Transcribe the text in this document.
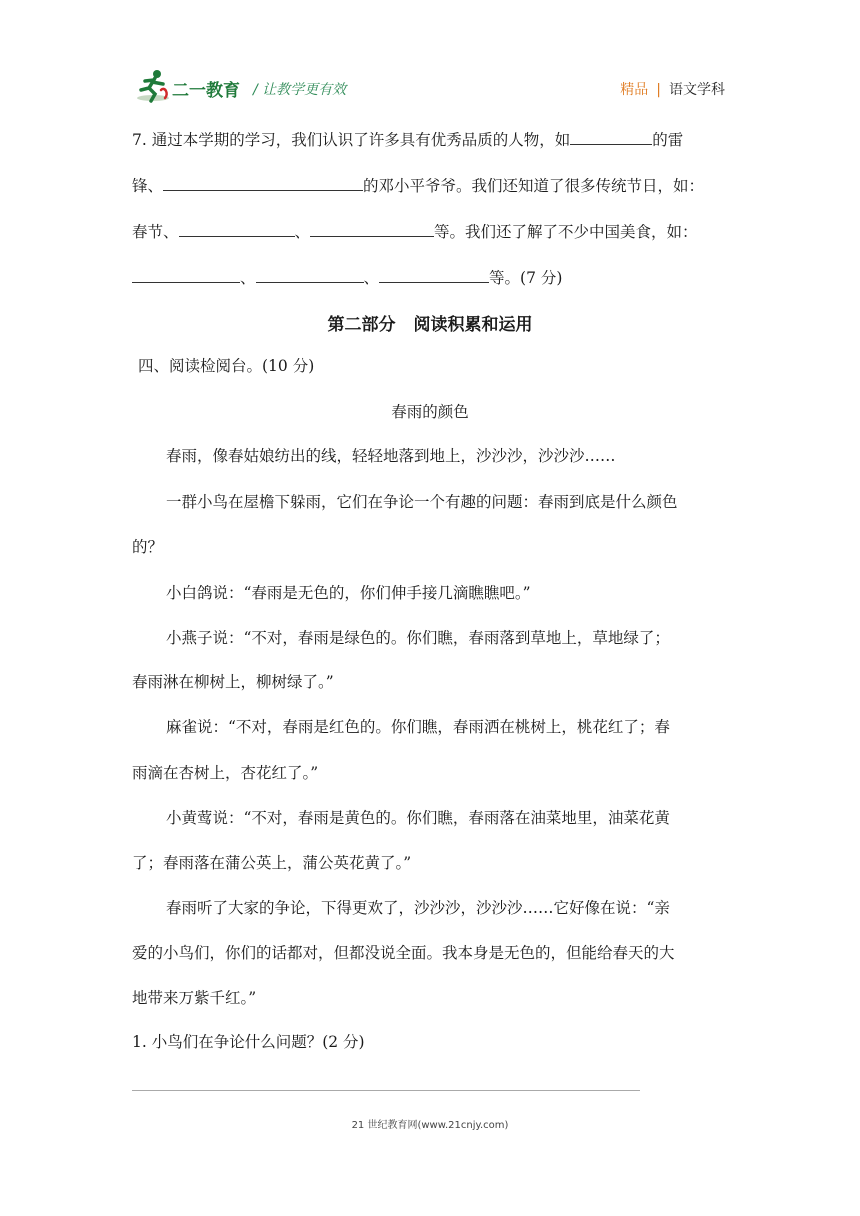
二一教育 / 让教学更有效	精品 | 语文学科
7. 通过本学期的学习，我们认识了许多具有优秀品质的人物，如	的雷
锋、	的邓小平爷爷。我们还知道了很多传统节日，如：
春节、	、	等。我们还了解了不少中国美食，如：
、	、	等。(7 分)
第二部分 阅读积累和运用
四、阅读检阅台。(10 分)
春雨的颜色
春雨，像春姑娘纺出的线，轻轻地落到地上，沙沙沙，沙沙沙……
一群小鸟在屋檐下躲雨，它们在争论一个有趣的问题：春雨到底是什么颜色
的？
小白鸽说：“春雨是无色的，你们伸手接几滴瞧瞧吧。”
小燕子说：“不对，春雨是绿色的。你们瞧，春雨落到草地上，草地绿了；
春雨淋在柳树上，柳树绿了。”
麻雀说：“不对，春雨是红色的。你们瞧，春雨洒在桃树上，桃花红了；春
雨滴在杏树上，杏花红了。”
小黄莺说：“不对，春雨是黄色的。你们瞧，春雨落在油菜地里，油菜花黄
了；春雨落在蒲公英上，蒲公英花黄了。”
春雨听了大家的争论，下得更欢了，沙沙沙，沙沙沙……它好像在说：“亲
爱的小鸟们，你们的话都对，但都没说全面。我本身是无色的，但能给春天的大
地带来万紫千红。”
1. 小鸟们在争论什么问题？(2 分)
21 世纪教育网(www.21cnjy.com)
